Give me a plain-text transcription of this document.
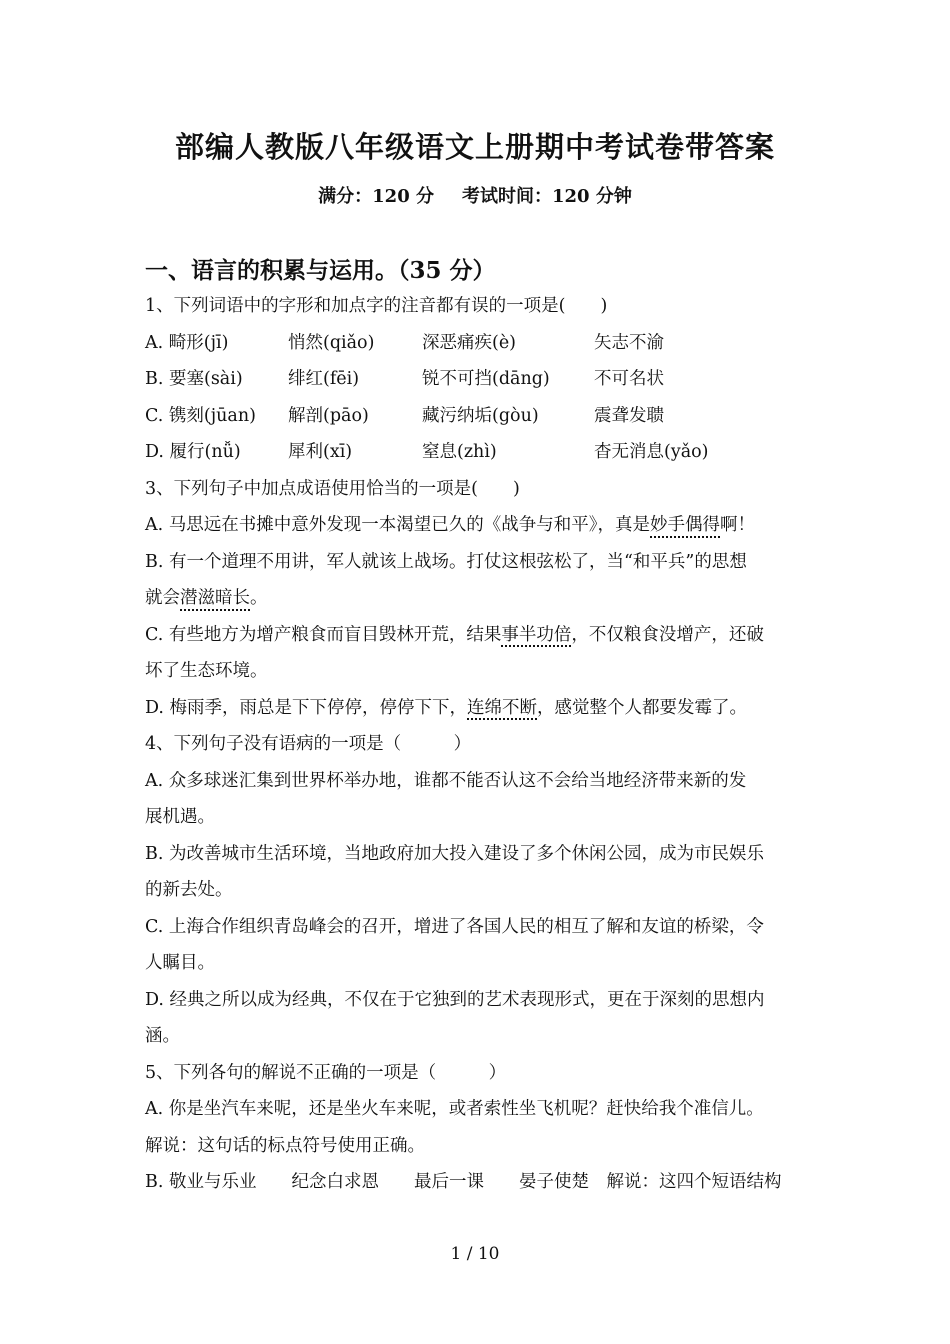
部编人教版八年级语文上册期中考试卷带答案
满分：120 分 考试时间：120 分钟
一、语言的积累与运用。（35 分）
1、下列词语中的字形和加点字的注音都有误的一项是(　　)
A. 畸形(jī)	悄然(qiǎo)	深恶痛疾(è)	矢志不渝
B. 要塞(sài)	绯红(fēi)	锐不可挡(dāng)	不可名状
C. 镌刻(jūan) 解剖(pāo)	藏污纳垢(gòu)	震聋发聩
D. 履行(nǚ)	犀利(xī)	窒息(zhì)	杳无消息(yǎo)
3、下列句子中加点成语使用恰当的一项是(　　)
A. 马思远在书摊中意外发现一本渴望已久的《战争与和平》，真是妙手偶得啊！
B. 有一个道理不用讲，军人就该上战场。打仗这根弦松了，当“和平兵”的思想
就会潜滋暗长。
C. 有些地方为增产粮食而盲目毁林开荒，结果事半功倍，不仅粮食没增产，还破
坏了生态环境。
D. 梅雨季，雨总是下下停停，停停下下，连绵不断，感觉整个人都要发霉了。
4、下列句子没有语病的一项是（　　　）
A. 众多球迷汇集到世界杯举办地，谁都不能否认这不会给当地经济带来新的发
展机遇。
B. 为改善城市生活环境，当地政府加大投入建设了多个休闲公园，成为市民娱乐
的新去处。
C. 上海合作组织青岛峰会的召开，增进了各国人民的相互了解和友谊的桥梁，令
人瞩目。
D. 经典之所以成为经典，不仅在于它独到的艺术表现形式，更在于深刻的思想内
涵。
5、下列各句的解说不正确的一项是（　　　）
A. 你是坐汽车来呢，还是坐火车来呢，或者索性坐飞机呢？赶快给我个准信儿。
解说：这句话的标点符号使用正确。
B. 敬业与乐业　　纪念白求恩　　最后一课　　晏子使楚　解说：这四个短语结构
1 / 10
